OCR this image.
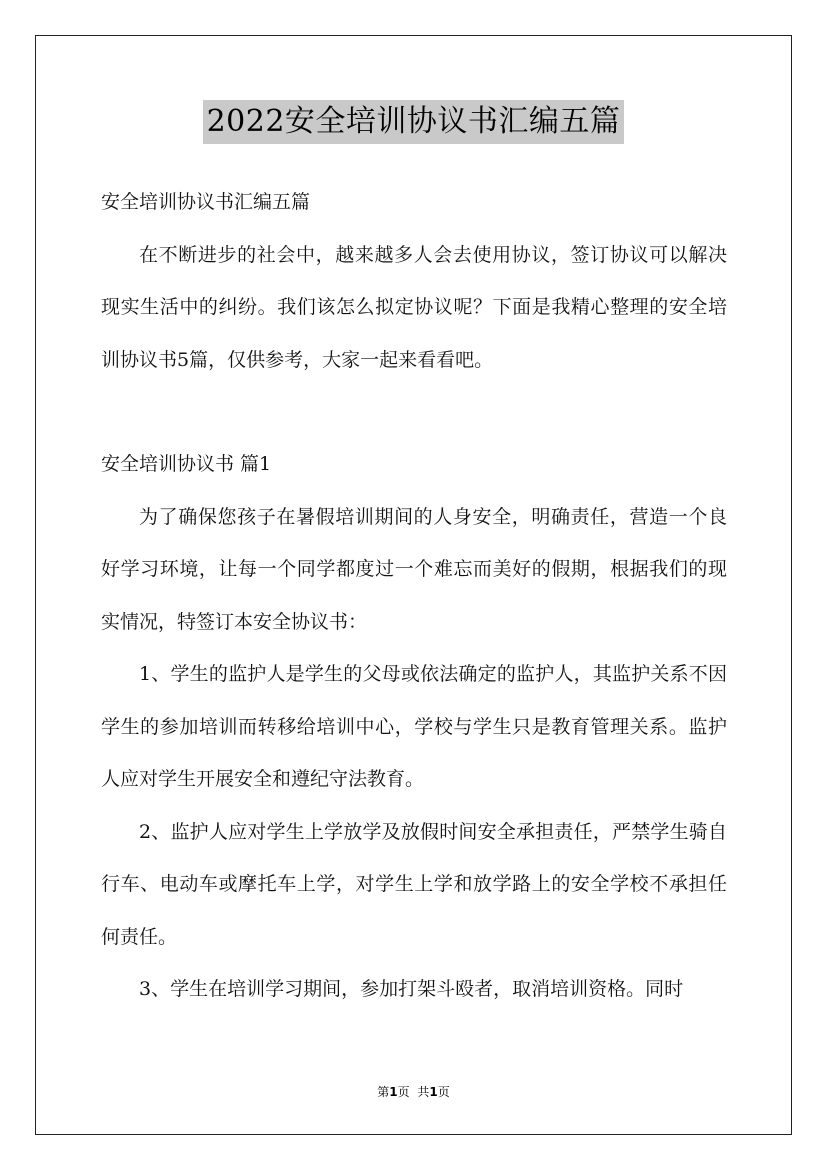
2022安全培训协议书汇编五篇

安全培训协议书汇编五篇

在不断进步的社会中，越来越多人会去使用协议，签订协议可以解决现实生活中的纠纷。我们该怎么拟定协议呢？下面是我精心整理的安全培训协议书5篇，仅供参考，大家一起来看看吧。

安全培训协议书 篇1

为了确保您孩子在暑假培训期间的人身安全，明确责任，营造一个良好学习环境，让每一个同学都度过一个难忘而美好的假期，根据我们的现实情况，特签订本安全协议书：

1、学生的监护人是学生的父母或依法确定的监护人，其监护关系不因学生的参加培训而转移给培训中心，学校与学生只是教育管理关系。监护人应对学生开展安全和遵纪守法教育。

2、监护人应对学生上学放学及放假时间安全承担责任，严禁学生骑自行车、电动车或摩托车上学，对学生上学和放学路上的安全学校不承担任何责任。

3、学生在培训学习期间，参加打架斗殴者，取消培训资格。同时

第1页 共1页
